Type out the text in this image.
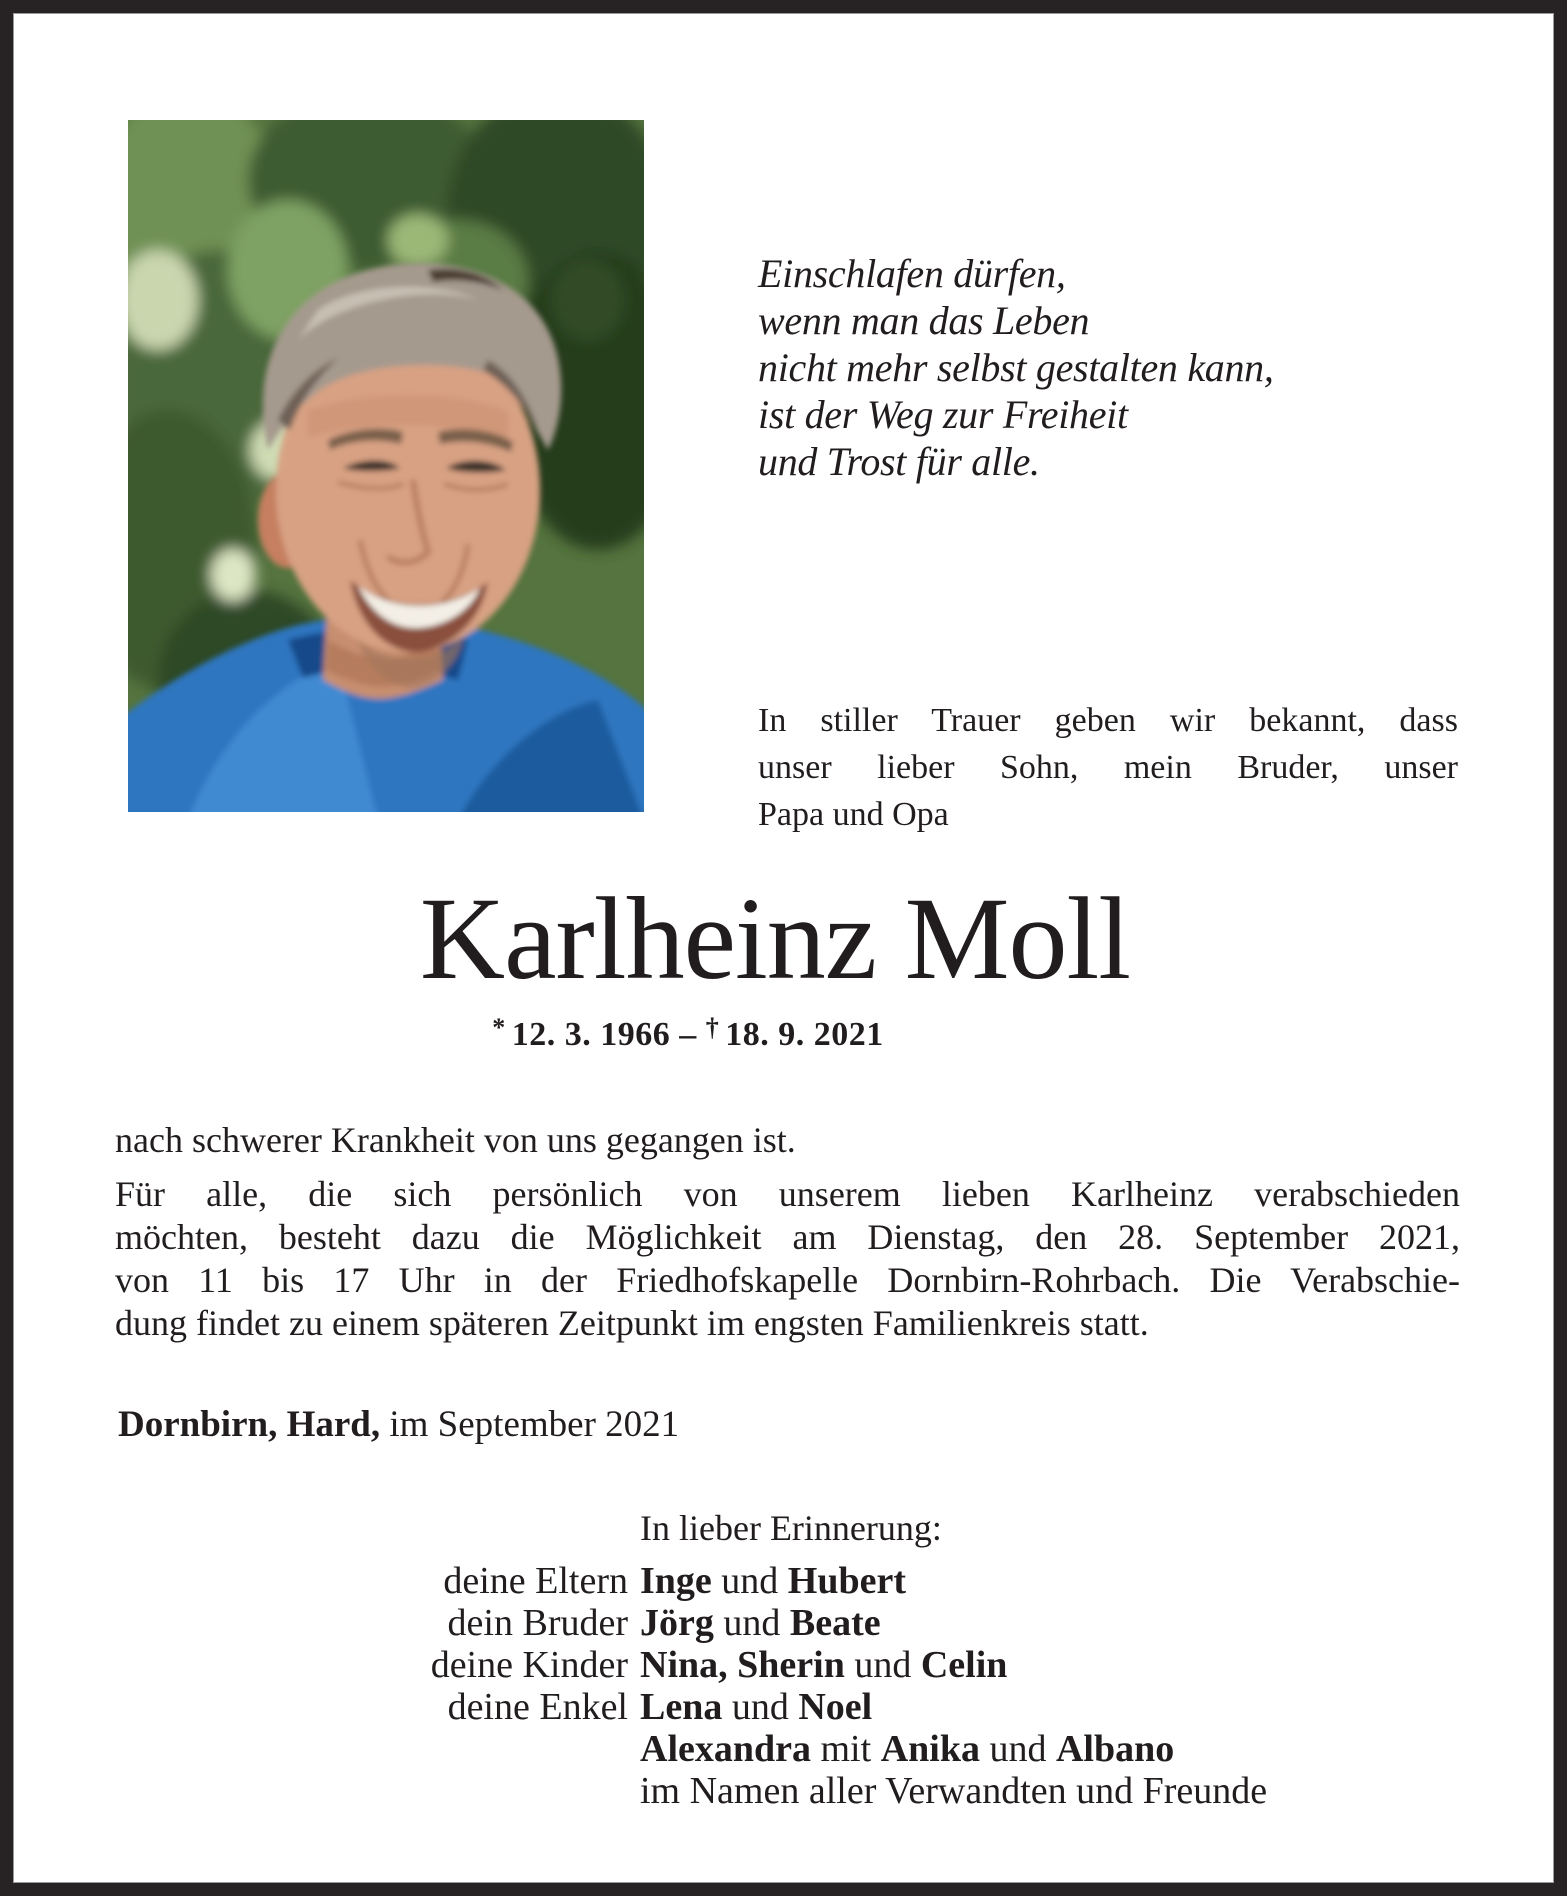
Einschlafen dürfen,
wenn man das Leben
nicht mehr selbst gestalten kann,
ist der Weg zur Freiheit
und Trost für alle.
In stiller Trauer geben wir bekannt, dass
unser lieber Sohn, mein Bruder, unser
Papa und Opa
Karlheinz Moll
* 12. 3. 1966 – † 18. 9. 2021
nach schwerer Krankheit von uns gegangen ist.
Für alle, die sich persönlich von unserem lieben Karlheinz verabschieden
möchten, besteht dazu die Möglichkeit am Dienstag, den 28. September 2021,
von 11 bis 17 Uhr in der Friedhofskapelle Dornbirn-Rohrbach. Die Verabschie-
dung findet zu einem späteren Zeitpunkt im engsten Familienkreis statt.
Dornbirn, Hard, im September 2021
In lieber Erinnerung:
deine Eltern Inge und Hubert
dein Bruder Jörg und Beate
deine Kinder Nina, Sherin und Celin
deine Enkel Lena und Noel
Alexandra mit Anika und Albano
im Namen aller Verwandten und Freunde
